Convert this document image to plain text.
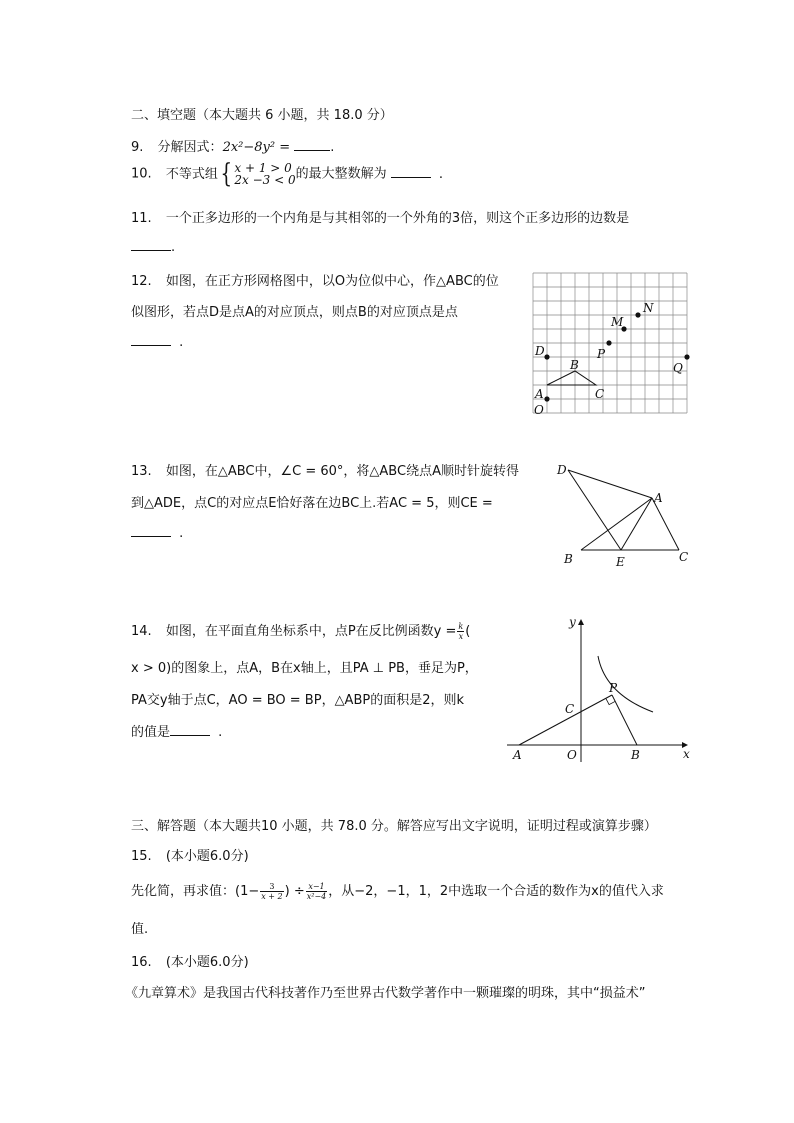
二、填空题（本大题共 6 小题，共 18.0 分）
9. 分解因式：2x²−8y² =	.
10. 不等式组{ x + 1 > 0
2x −3 < 0 的最大整数解为	.
11. 一个正多边形的一个内角是与其相邻的一个外角的3倍，则这个正多边形的边数是
.
12. 如图，在正方形网格图中，以O为位似中心，作△ABC的位
似图形，若点D是点A的对应顶点，则点B的对应顶点是点
.
N
M
P
D
B	Q
A	C
O
13. 如图，在△ABC中，∠C = 60°，将△ABC绕点A顺时针旋转得
到△ADE，点C的对应点E恰好落在边BC上.若AC = 5，则CE =
.
D
A
B	E	C
14. 如图，在平面直角坐标系中，点P在反比例函数$y = \frac{k}{x}$ (
x > 0)的图象上，点A，B在x轴上，且PA ⊥ PB，垂足为P，
PA交y轴于点C，AO = BO = BP，△ABP的面积是2，则k
的值是	.
y
x
P
C
A	O	B
三、解答题（本大题共10 小题，共 78.0 分。解答应写出文字说明，证明过程或演算步骤）
15. (本小题6.0分)
先化简，再求值：($1- \frac{3}{x + 2}$ ) ÷ $\frac{x-1}{\text{x²−4}}$ ，从−2，−1，1，2中选取一个合适的数作为x的值代入求
值.
16. (本小题6.0分)
《九章算术》是我国古代科技著作乃至世界古代数学著作中一颗璀璨的明珠，其中“损益术”
